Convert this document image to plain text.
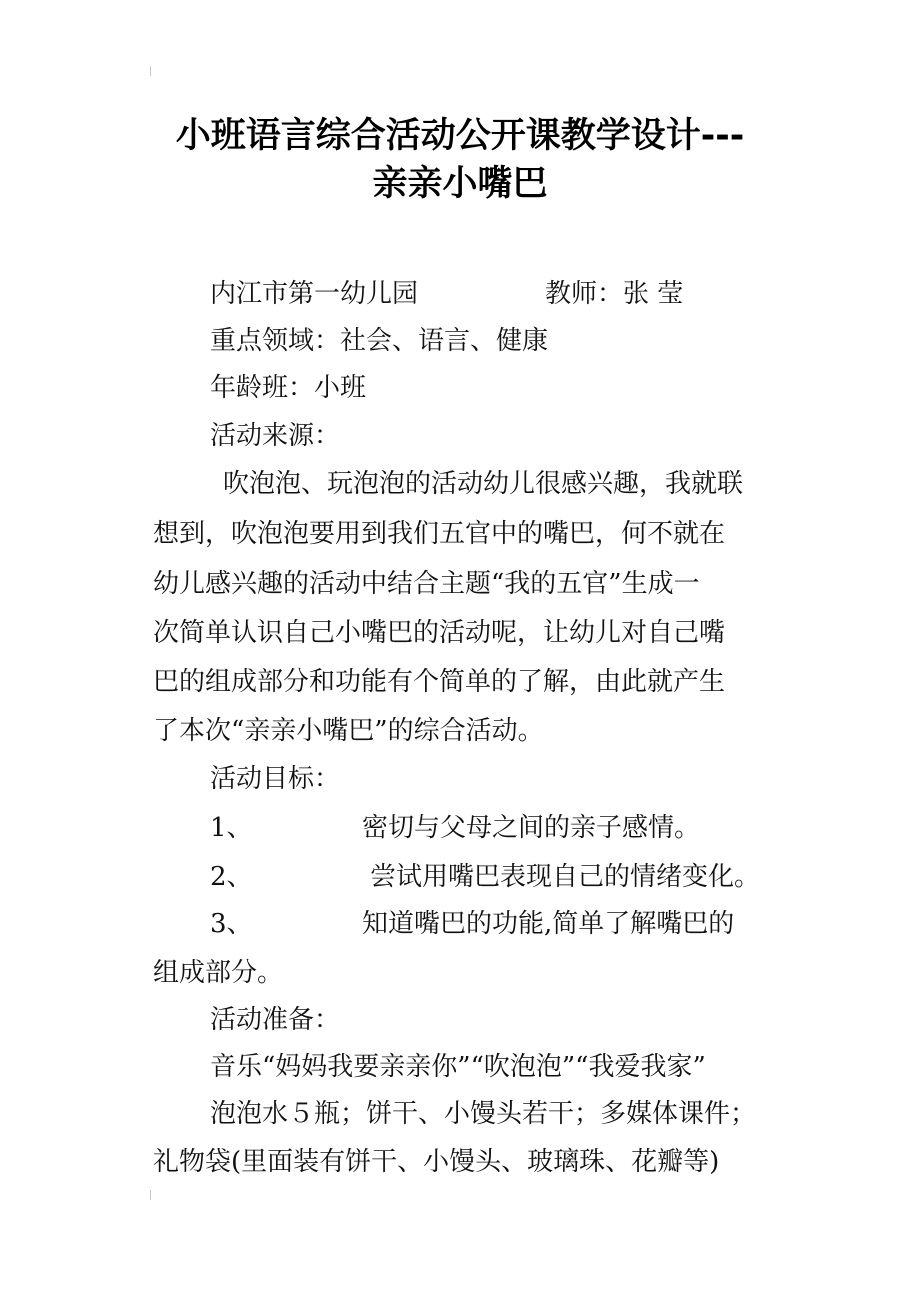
小班语言综合活动公开课教学设计---
亲亲小嘴巴
内江市第一幼儿园	教师：张 莹
重点领域：社会、语言、健康
年龄班：小班
活动来源：
吹泡泡、玩泡泡的活动幼儿很感兴趣，我就联
想到，吹泡泡要用到我们五官中的嘴巴，何不就在
幼儿感兴趣的活动中结合主题“我的五官”生成一
次简单认识自己小嘴巴的活动呢，让幼儿对自己嘴
巴的组成部分和功能有个简单的了解，由此就产生
了本次“亲亲小嘴巴”的综合活动。
活动目标：
1、	密切与父母之间的亲子感情。
2、	尝试用嘴巴表现自己的情绪变化。
3、	知道嘴巴的功能,简单了解嘴巴的
组成部分。
活动准备：
音乐“妈妈我要亲亲你”“吹泡泡”“我爱我家”
泡泡水５瓶；饼干、小馒头若干；多媒体课件；
礼物袋(里面装有饼干、小馒头、玻璃珠、花瓣等)
